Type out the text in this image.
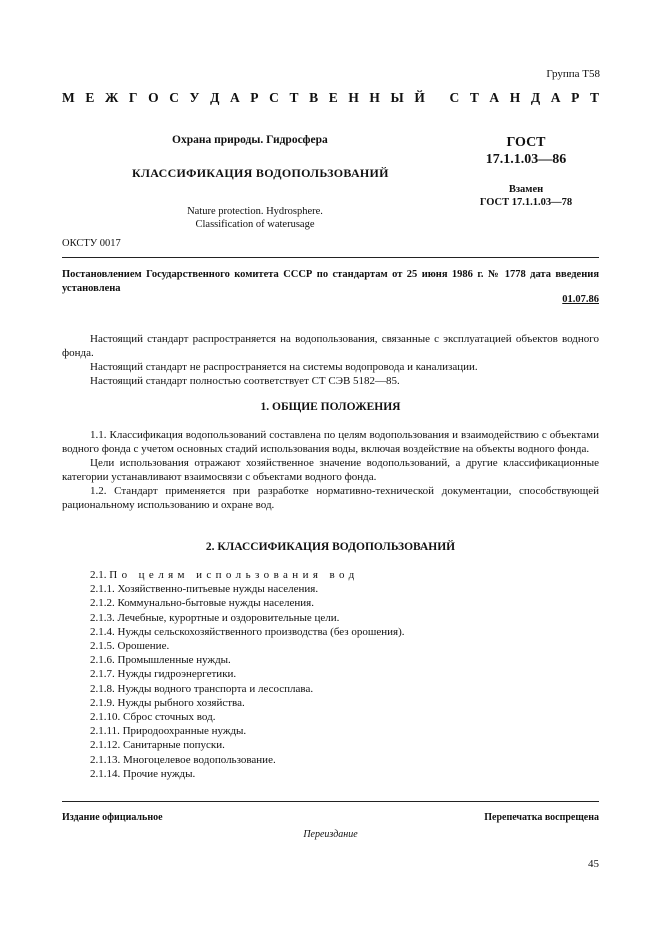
Группа Т58
М Е Ж Г О С У Д А Р С Т В Е Н Н Ы Й
С Т А Н Д А Р Т
Охрана природы. Гидросфера
КЛАССИФИКАЦИЯ ВОДОПОЛЬЗОВАНИЙ
Nature protection. Hydrosphere.
Classification of waterusage
ГОСТ
17.1.1.03—86
Взамен
ГОСТ 17.1.1.03—78
ОКСТУ 0017
Постановлением Государственного комитета СССР по стандартам от 25 июня 1986 г. № 1778 дата введения установлена
01.07.86

Настоящий стандарт распространяется на водопользования, связанные с эксплуатацией объектов водного фонда.

Настоящий стандарт не распространяется на системы водопровода и канализации.

Настоящий стандарт полностью соответствует СТ СЭВ 5182—85.

1. ОБЩИЕ ПОЛОЖЕНИЯ

1.1. Классификация водопользований составлена по целям водопользования и взаимодействию с объектами водного фонда с учетом основных стадий использования воды, включая воздействие на объекты водного фонда.

Цели использования отражают хозяйственное значение водопользований, а другие классификационные категории устанавливают взаимосвязи с объектами водного фонда.

1.2. Стандарт применяется при разработке нормативно-технической документации, способствующей рациональному использованию и охране вод.

2. КЛАССИФИКАЦИЯ ВОДОПОЛЬЗОВАНИЙ
2.1. По целям использования вод
2.1.1. Хозяйственно-питьевые нужды населения.
2.1.2. Коммунально-бытовые нужды населения.
2.1.3. Лечебные, курортные и оздоровительные цели.
2.1.4. Нужды сельскохозяйственного производства (без орошения).
2.1.5. Орошение.
2.1.6. Промышленные нужды.
2.1.7. Нужды гидроэнергетики.
2.1.8. Нужды водного транспорта и лесосплава.
2.1.9. Нужды рыбного хозяйства.
2.1.10. Сброс сточных вод.
2.1.11. Природоохранные нужды.
2.1.12. Санитарные попуски.
2.1.13. Многоцелевое водопользование.
2.1.14. Прочие нужды.
Издание официальное	Перепечатка воспрещена
Переиздание
45
